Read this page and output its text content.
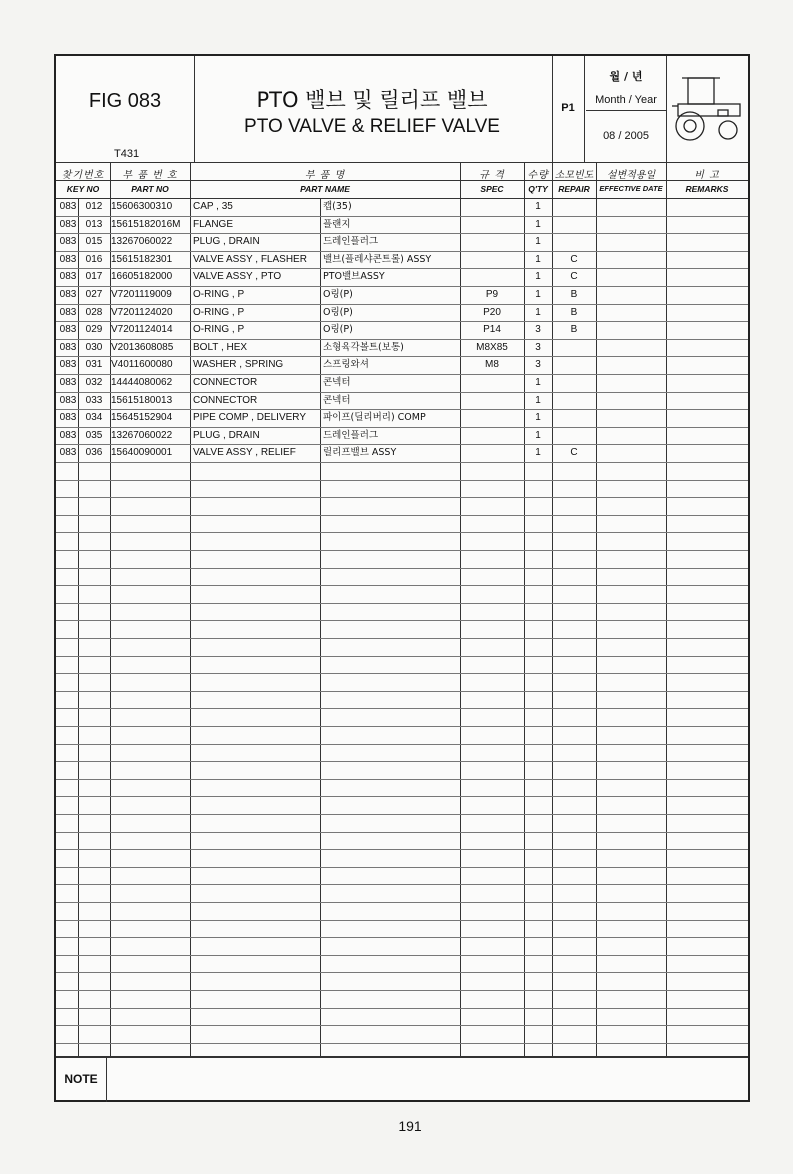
FIG 083
T431
PTO 밸브 및 릴리프 밸브
PTO VALVE & RELIEF VALVE
P1
월 / 년
Month / Year
08 / 2005
찾기번호
KEY NO
부 품 번 호
PART NO
부 품 명
PART NAME
규 격
SPEC
수량
Q'TY
소모빈도
REPAIR
설변적용일
EFFECTIVE DATE
비 고
REMARKS
083 012 15606300310	CAP , 35	캡(35)	1
083 013 15615182016M	FLANGE	플랜지	1
083 015 13267060022	PLUG , DRAIN	드레인플러그	1
083 016 15615182301	VALVE ASSY , FLASHER	밸브(플레샤콘트롤) ASSY	1	C
083 017 16605182000	VALVE ASSY , PTO	PTO밸브ASSY	1	C
083 027 V7201119009	O-RING , P	O링(P)	P9	1	B
083 028 V7201124020	O-RING , P	O링(P)	P20	1	B
083 029 V7201124014	O-RING , P	O링(P)	P14	3	B
083 030 V2013608085	BOLT , HEX	소형육각볼트(보통)	M8X85	3
083 031 V4011600080	WASHER , SPRING	스프링와셔	M8	3
083 032 14444080062	CONNECTOR	콘넥터	1
083 033 15615180013	CONNECTOR	콘넥터	1
083 034 15645152904	PIPE COMP , DELIVERY	파이프(딜리버리) COMP	1
083 035 13267060022	PLUG , DRAIN	드레인플러그	1
083 036 15640090001	VALVE ASSY , RELIEF	릴리프밸브 ASSY	1	C
NOTE
191
